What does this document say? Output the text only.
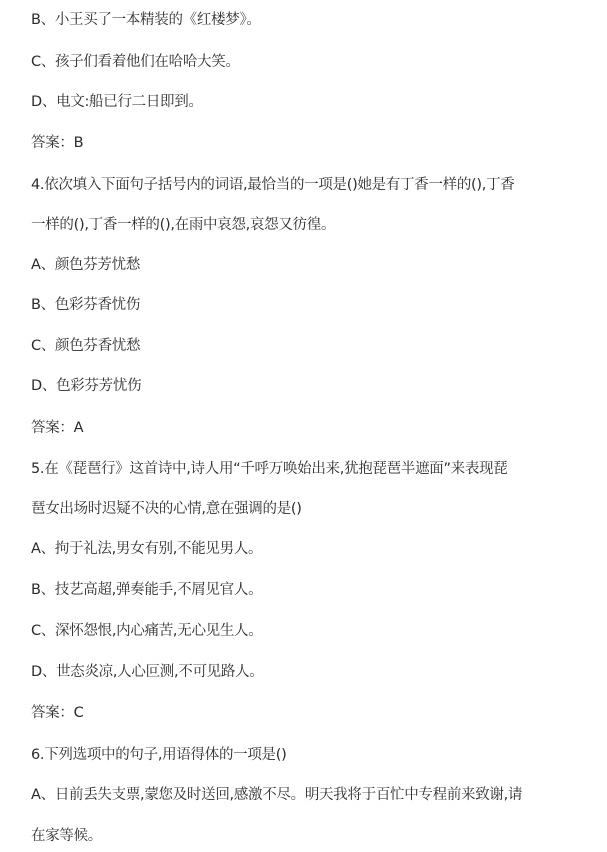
B、小王买了一本精装的《红楼梦》。
C、孩子们看着他们在哈哈大笑。
D、电文:船已行二日即到。
答案：B
4.依次填入下面句子括号内的词语,最恰当的一项是()她是有丁香一样的(),丁香
一样的(),丁香一样的(),在雨中哀怨,哀怨又彷徨。
A、颜色芬芳忧愁
B、色彩芬香忧伤
C、颜色芬香忧愁
D、色彩芬芳忧伤
答案：A
5.在《琵琶行》这首诗中,诗人用“千呼万唤始出来,犹抱琵琶半遮面”来表现琵
琶女出场时迟疑不决的心情,意在强调的是()
A、拘于礼法,男女有别,不能见男人。
B、技艺高超,弹奏能手,不屑见官人。
C、深怀怨恨,内心痛苦,无心见生人。
D、世态炎凉,人心叵测,不可见路人。
答案：C
6.下列选项中的句子,用语得体的一项是()
A、日前丢失支票,蒙您及时送回,感激不尽。明天我将于百忙中专程前来致谢,请
在家等候。
